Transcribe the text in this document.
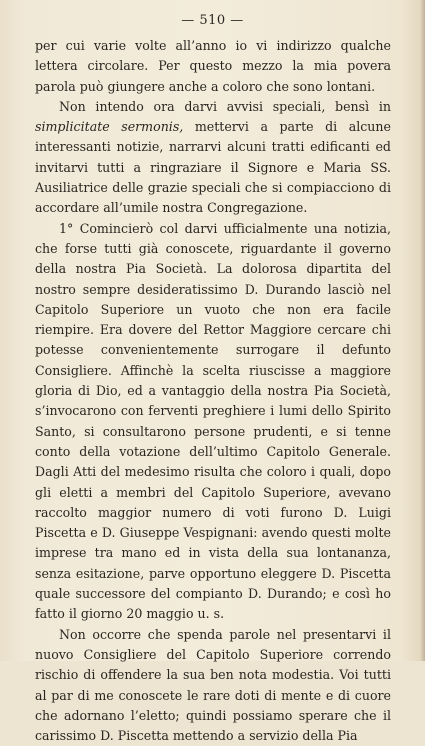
— 510 —

per cui varie volte all’anno io vi indirizzo qualche lettera circolare. Per questo mezzo la mia povera parola può giungere anche a coloro che sono lontani.

Non intendo ora darvi avvisi speciali, bensì in simplicitate sermonis, mettervi a parte di alcune interessanti notizie, narrarvi alcuni tratti edificanti ed invitarvi tutti a ringraziare il Signore e Maria SS. Ausiliatrice delle grazie speciali che si compiacciono di accordare all’umile nostra Congregazione.

1° Comincierò col darvi ufficialmente una notizia, che forse tutti già conoscete, riguardante il governo della nostra Pia Società. La dolorosa dipartita del nostro sempre desideratissimo D. Durando lasciò nel Capitolo Superiore un vuoto che non era facile riempire. Era dovere del Rettor Maggiore cercare chi potesse convenientemente surrogare il defunto Consigliere. Affinchè la scelta riuscisse a maggiore gloria di Dio, ed a vantaggio della nostra Pia Società, s’invocarono con ferventi preghiere i lumi dello Spirito Santo, si consultarono persone prudenti, e si tenne conto della votazione dell’ultimo Capitolo Generale. Dagli Atti del medesimo risulta che coloro i quali, dopo gli eletti a membri del Capitolo Superiore, avevano raccolto maggior numero di voti furono D. Luigi Piscetta e D. Giuseppe Vespignani: avendo questi molte imprese tra mano ed in vista della sua lontananza, senza esitazione, parve opportuno eleggere D. Piscetta quale successore del compianto D. Durando; e così ho fatto il giorno 20 maggio u. s.

Non occorre che spenda parole nel presentarvi il nuovo Consigliere del Capitolo Superiore correndo rischio di offendere la sua ben nota modestia. Voi tutti al par di me conoscete le rare doti di mente e di cuore che adornano l’eletto; quindi possiamo sperare che il carissimo D. Piscetta mettendo a servizio della Pia
